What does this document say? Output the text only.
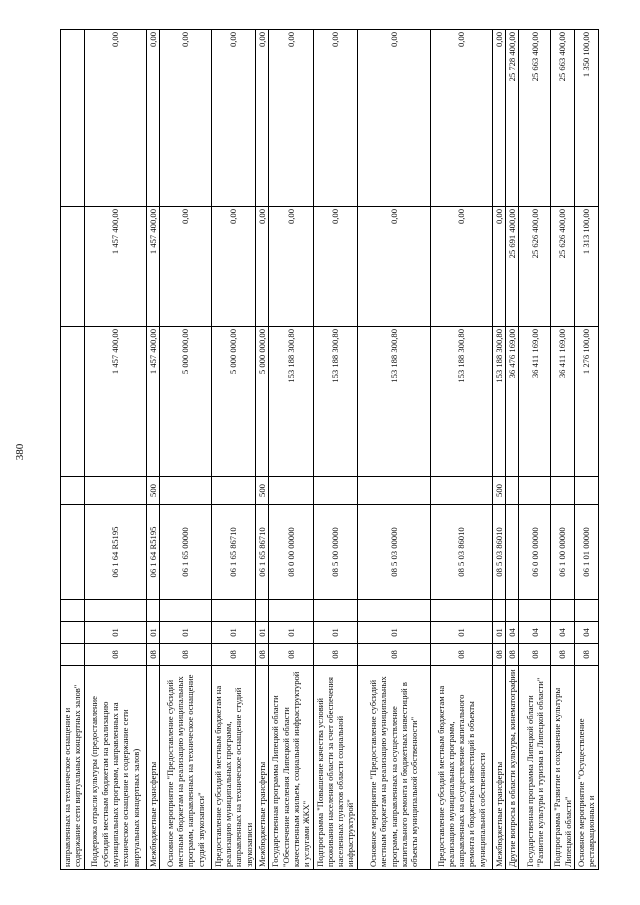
380
направленных на техническое оснащение и содержание сети виртуальных концертных залов"								
Поддержка отрасли культуры (предоставление субсидий местным бюджетам на реализацию муниципальных программ, направленных на техническое оснащение и содержание сети виртуальных концертных залов)	08	01		06 1 64 R5195		1 457 400,00	1 457 400,00	0,00
Межбюджетные трансферты	08	01		06 1 64 R5195	500	1 457 400,00	1 457 400,00	0,00
Основное мероприятие "Предоставление субсидий местным бюджетам на реализацию муниципальных программ, направленных на техническое оснащение студий звукозаписи"	08	01		06 1 65 00000		5 000 000,00	0,00	0,00
Предоставление субсидий местным бюджетам на реализацию муниципальных программ, направленных на техническое оснащение студий звукозаписи	08	01		06 1 65 86710		5 000 000,00	0,00	0,00
Межбюджетные трансферты	08	01		06 1 65 86710	500	5 000 000,00	0,00	0,00
Государственная программа Липецкой области "Обеспечение населения Липецкой области качественным жильем, социальной инфраструктурой и услугами ЖКХ"	08	01		08 0 00 00000		153 188 300,80	0,00	0,00
Подпрограмма "Повышение качества условий проживания населения области за счет обеспечения населенных пунктов области социальной инфраструктурой"	08	01		08 5 00 00000		153 188 300,80	0,00	0,00
Основное мероприятие "Предоставление субсидий местным бюджетам на реализацию муниципальных программ, направленных на осуществление капитального ремонта и бюджетных инвестиций в объекты муниципальной собственности"	08	01		08 5 03 00000		153 188 300,80	0,00	0,00
Предоставление субсидий местным бюджетам на реализацию муниципальных программ, направленных на осуществление капитального ремонта и бюджетных инвестиций в объекты муниципальной собственности	08	01		08 5 03 86010		153 188 300,80	0,00	0,00
Межбюджетные трансферты	08	01		08 5 03 86010	500	153 188 300,80	0,00	0,00
Другие вопросы в области культуры, кинематографии	08	04				36 476 169,00	25 691 400,00	25 728 400,00
Государственная программа Липецкой области "Развитие культуры и туризма в Липецкой области"	08	04		06 0 00 00000		36 411 169,00	25 626 400,00	25 663 400,00
Подпрограмма "Развитие и сохранение культуры Липецкой области"	08	04		06 1 00 00000		36 411 169,00	25 626 400,00	25 663 400,00
Основное мероприятие "Осуществление реставрационных и	08	04		06 1 01 00000		1 276 100,00	1 313 100,00	1 350 100,00
